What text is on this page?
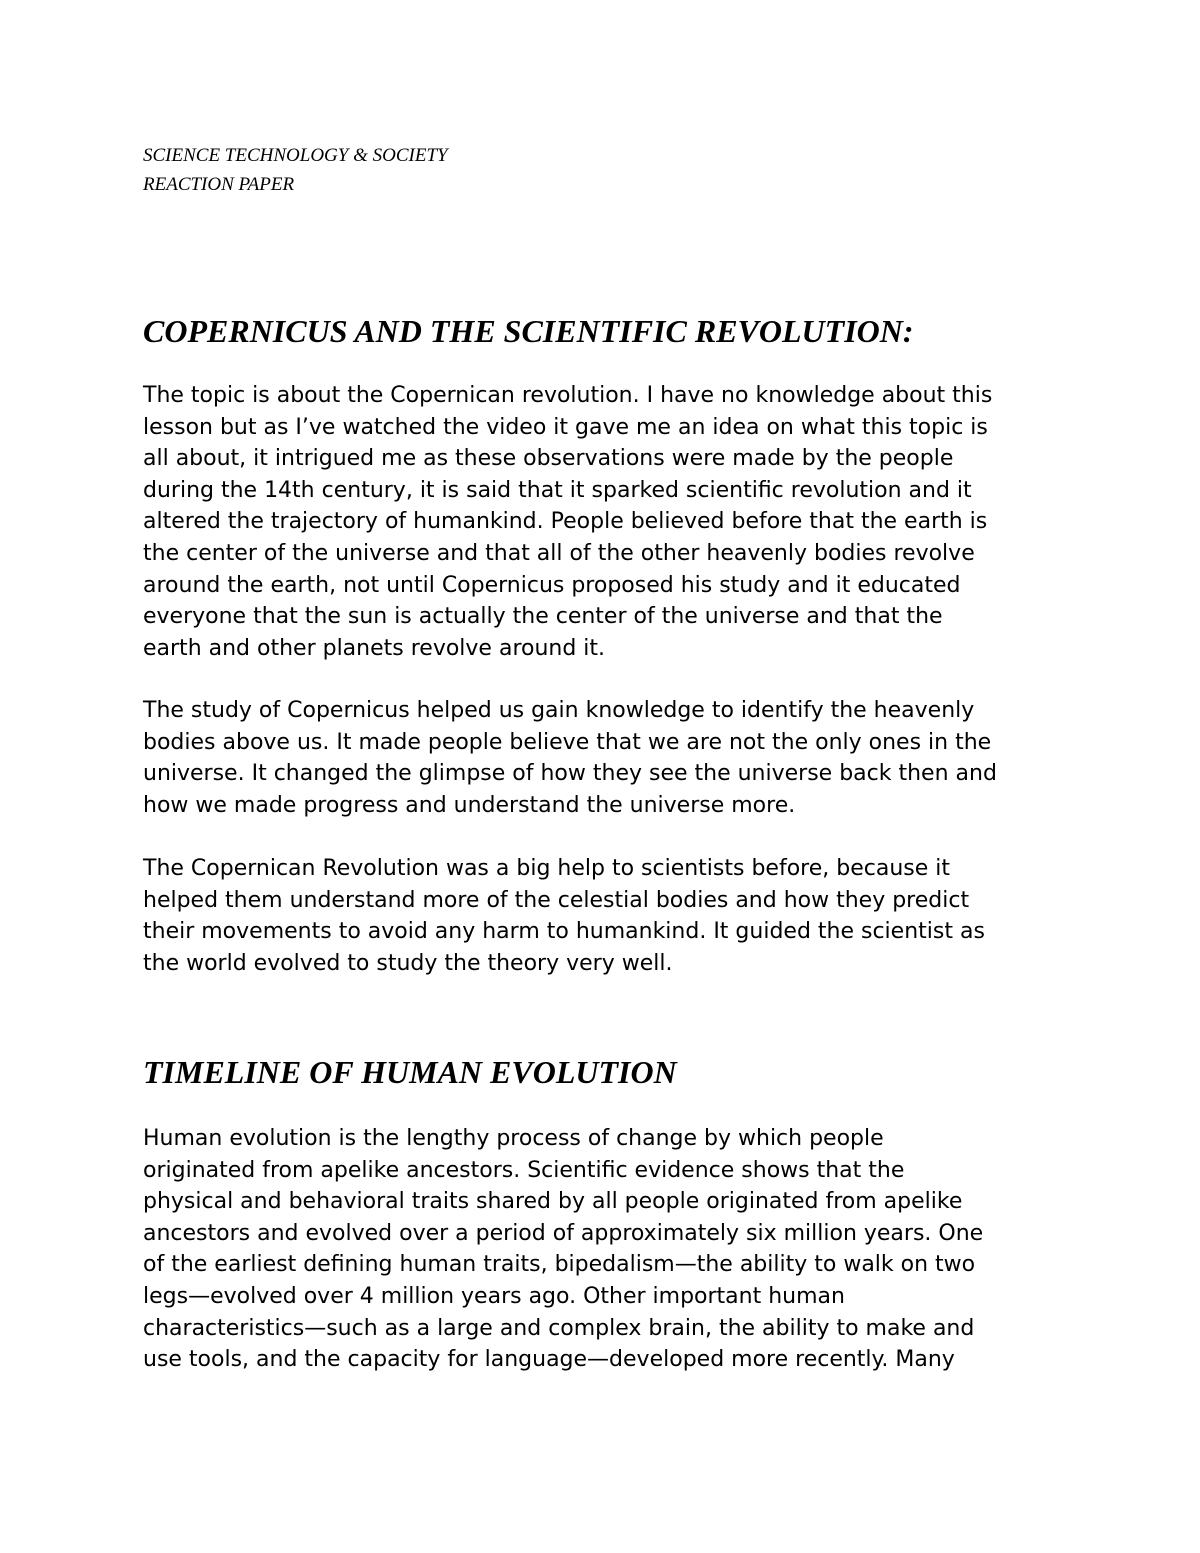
SCIENCE TECHNOLOGY & SOCIETY
REACTION PAPER
COPERNICUS AND THE SCIENTIFIC REVOLUTION:
The topic is about the Copernican revolution. I have no knowledge about this
lesson but as I’ve watched the video it gave me an idea on what this topic is
all about, it intrigued me as these observations were made by the people
during the 14th century, it is said that it sparked scientific revolution and it
altered the trajectory of humankind. People believed before that the earth is
the center of the universe and that all of the other heavenly bodies revolve
around the earth, not until Copernicus proposed his study and it educated
everyone that the sun is actually the center of the universe and that the
earth and other planets revolve around it.
The study of Copernicus helped us gain knowledge to identify the heavenly
bodies above us. It made people believe that we are not the only ones in the
universe. It changed the glimpse of how they see the universe back then and
how we made progress and understand the universe more.
The Copernican Revolution was a big help to scientists before, because it
helped them understand more of the celestial bodies and how they predict
their movements to avoid any harm to humankind. It guided the scientist as
the world evolved to study the theory very well.
TIMELINE OF HUMAN EVOLUTION
Human evolution is the lengthy process of change by which people
originated from apelike ancestors. Scientific evidence shows that the
physical and behavioral traits shared by all people originated from apelike
ancestors and evolved over a period of approximately six million years. One
of the earliest defining human traits, bipedalism—the ability to walk on two
legs—evolved over 4 million years ago. Other important human
characteristics—such as a large and complex brain, the ability to make and
use tools, and the capacity for language—developed more recently. Many
